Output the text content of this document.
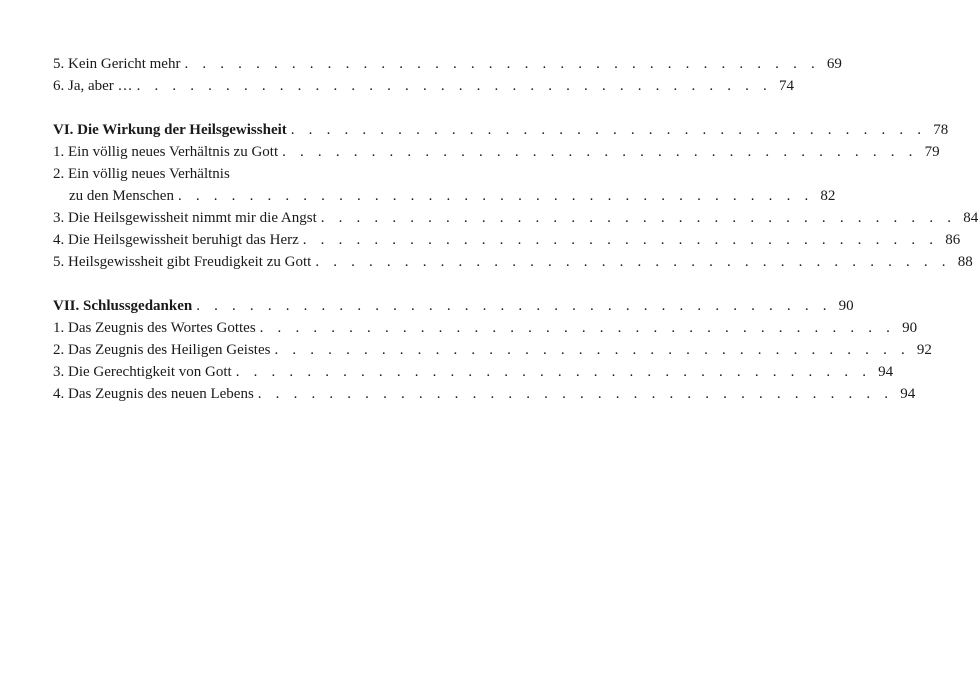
5. Kein Gericht mehr . . . . . . . . . . . . . . . . . . . . . . . . . . . . . . . . . . . . 69
6. Ja, aber … . . . . . . . . . . . . . . . . . . . . . . . . . . . . . . . . . . . . 74
VI. Die Wirkung der Heilsgewissheit . . . . . . . . . . . . . . . . . . . . . . . . . . . . . . . . . . . . 78
1. Ein völlig neues Verhältnis zu Gott . . . . . . . . . . . . . . . . . . . . . . . . . . . . . . . . . . . . 79
2. Ein völlig neues Verhältnis
zu den Menschen . . . . . . . . . . . . . . . . . . . . . . . . . . . . . . . . . . . . 82
3. Die Heilsgewissheit nimmt mir die Angst . . . . . . . . . . . . . . . . . . . . . . . . . . . . . . . . . . . . 84
4. Die Heilsgewissheit beruhigt das Herz . . . . . . . . . . . . . . . . . . . . . . . . . . . . . . . . . . . . 86
5. Heilsgewissheit gibt Freudigkeit zu Gott . . . . . . . . . . . . . . . . . . . . . . . . . . . . . . . . . . . . 88
VII. Schlussgedanken . . . . . . . . . . . . . . . . . . . . . . . . . . . . . . . . . . . . 90
1. Das Zeugnis des Wortes Gottes . . . . . . . . . . . . . . . . . . . . . . . . . . . . . . . . . . . . 90
2. Das Zeugnis des Heiligen Geistes . . . . . . . . . . . . . . . . . . . . . . . . . . . . . . . . . . . . 92
3. Die Gerechtigkeit von Gott . . . . . . . . . . . . . . . . . . . . . . . . . . . . . . . . . . . . 94
4. Das Zeugnis des neuen Lebens . . . . . . . . . . . . . . . . . . . . . . . . . . . . . . . . . . . . 94
